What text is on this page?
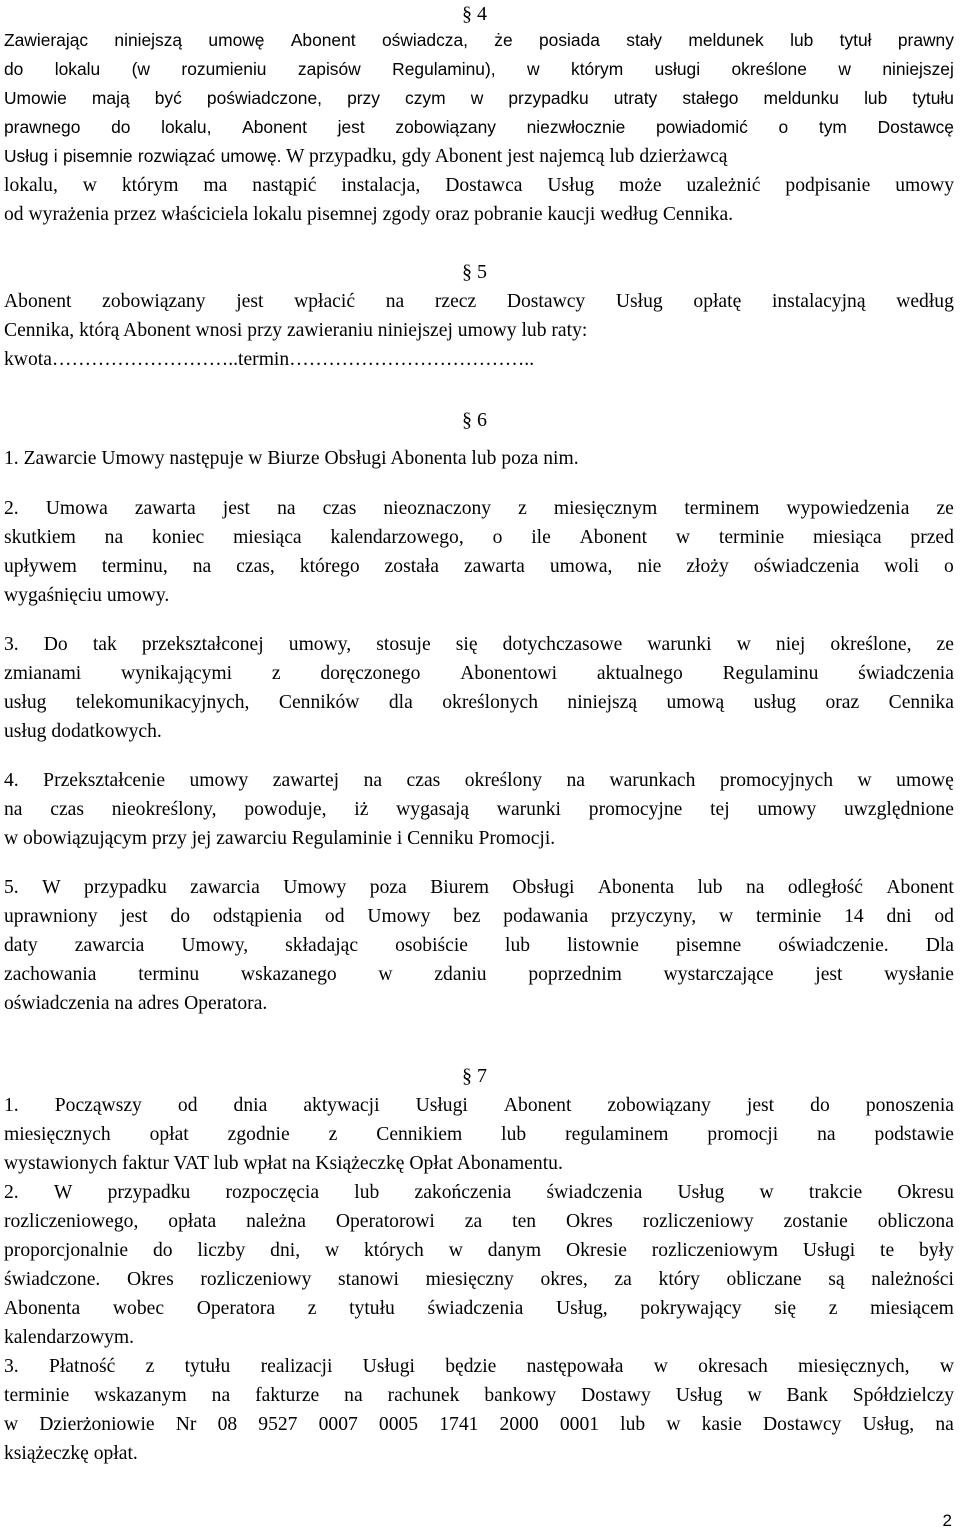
§ 4
Zawierając niniejszą umowę Abonent oświadcza, że posiada stały meldunek lub tytuł prawny
do lokalu (w rozumieniu zapisów Regulaminu), w którym usługi określone w niniejszej
Umowie mają być poświadczone, przy czym w przypadku utraty stałego meldunku lub tytułu
prawnego do lokalu, Abonent jest zobowiązany niezwłocznie powiadomić o tym Dostawcę
Usług i pisemnie rozwiązać umowę. W przypadku, gdy Abonent jest najemcą lub dzierżawcą
lokalu, w którym ma nastąpić instalacja, Dostawca Usług może uzależnić podpisanie umowy
od wyrażenia przez właściciela lokalu pisemnej zgody oraz pobranie kaucji według Cennika.
§ 5
Abonent zobowiązany jest wpłacić na rzecz Dostawcy Usług opłatę instalacyjną według
Cennika, którą Abonent wnosi przy zawieraniu niniejszej umowy lub raty:
kwota………………………..termin………………………………..
§ 6
1. Zawarcie Umowy następuje w Biurze Obsługi Abonenta lub poza nim.
2. Umowa zawarta jest na czas nieoznaczony z miesięcznym terminem wypowiedzenia ze
skutkiem na koniec miesiąca kalendarzowego, o ile Abonent w terminie miesiąca przed
upływem terminu, na czas, którego została zawarta umowa, nie złoży oświadczenia woli o
wygaśnięciu umowy.
3. Do tak przekształconej umowy, stosuje się dotychczasowe warunki w niej określone, ze
zmianami wynikającymi z doręczonego Abonentowi aktualnego Regulaminu świadczenia
usług telekomunikacyjnych, Cenników dla określonych niniejszą umową usług oraz Cennika
usług dodatkowych.
4. Przekształcenie umowy zawartej na czas określony na warunkach promocyjnych w umowę
na czas nieokreślony, powoduje, iż wygasają warunki promocyjne tej umowy uwzględnione
w obowiązującym przy jej zawarciu Regulaminie i Cenniku Promocji.
5. W przypadku zawarcia Umowy poza Biurem Obsługi Abonenta lub na odległość Abonent
uprawniony jest do odstąpienia od Umowy bez podawania przyczyny, w terminie 14 dni od
daty zawarcia Umowy, składając osobiście lub listownie pisemne oświadczenie. Dla
zachowania terminu wskazanego w zdaniu poprzednim wystarczające jest wysłanie
oświadczenia na adres Operatora.
§ 7
1. Począwszy od dnia aktywacji Usługi Abonent zobowiązany jest do ponoszenia
miesięcznych opłat zgodnie z Cennikiem lub regulaminem promocji na podstawie
wystawionych faktur VAT lub wpłat na Książeczkę Opłat Abonamentu.
2. W przypadku rozpoczęcia lub zakończenia świadczenia Usług w trakcie Okresu
rozliczeniowego, opłata należna Operatorowi za ten Okres rozliczeniowy zostanie obliczona
proporcjonalnie do liczby dni, w których w danym Okresie rozliczeniowym Usługi te były
świadczone. Okres rozliczeniowy stanowi miesięczny okres, za który obliczane są należności
Abonenta wobec Operatora z tytułu świadczenia Usług, pokrywający się z miesiącem
kalendarzowym.
3. Płatność z tytułu realizacji Usługi będzie następowała w okresach miesięcznych, w
terminie wskazanym na fakturze na rachunek bankowy Dostawy Usług w Bank Spółdzielczy
w Dzierżoniowie Nr 08 9527 0007 0005 1741 2000 0001 lub w kasie Dostawcy Usług, na
książeczkę opłat.
2
